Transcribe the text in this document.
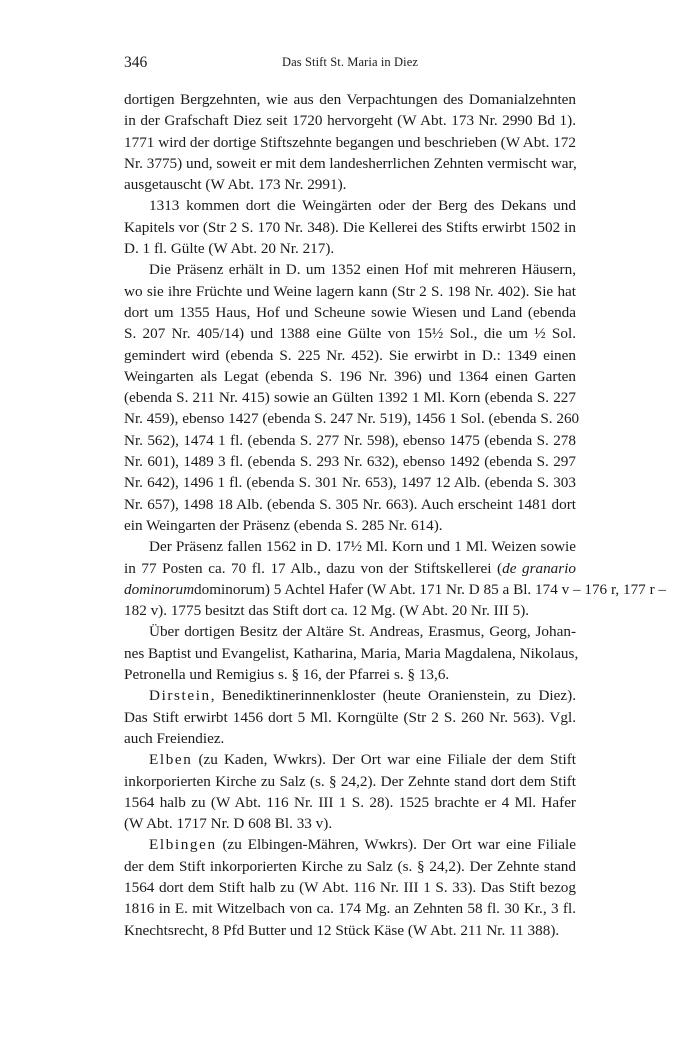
346	Das Stift St. Maria in Diez

dortigen Bergzehnten, wie aus den Verpachtungen des Domanialzehnten
in der Grafschaft Diez seit 1720 hervorgeht (W Abt. 173 Nr. 2990 Bd 1).
1771 wird der dortige Stiftszehnte begangen und beschrieben (W Abt. 172
Nr. 3775) und, soweit er mit dem landesherrlichen Zehnten vermischt war,
ausgetauscht (W Abt. 173 Nr. 2991).

1313 kommen dort die Weingärten oder der Berg des Dekans und
Kapitels vor (Str 2 S. 170 Nr. 348). Die Kellerei des Stifts erwirbt 1502 in
D. 1 fl. Gülte (W Abt. 20 Nr. 217).

Die Präsenz erhält in D. um 1352 einen Hof mit mehreren Häusern,
wo sie ihre Früchte und Weine lagern kann (Str 2 S. 198 Nr. 402). Sie hat
dort um 1355 Haus, Hof und Scheune sowie Wiesen und Land (ebenda
S. 207 Nr. 405/14) und 1388 eine Gülte von 15½ Sol., die um ½ Sol.
gemindert wird (ebenda S. 225 Nr. 452). Sie erwirbt in D.: 1349 einen
Weingarten als Legat (ebenda S. 196 Nr. 396) und 1364 einen Garten
(ebenda S. 211 Nr. 415) sowie an Gülten 1392 1 Ml. Korn (ebenda S. 227
Nr. 459), ebenso 1427 (ebenda S. 247 Nr. 519), 1456 1 Sol. (ebenda S. 260
Nr. 562), 1474 1 fl. (ebenda S. 277 Nr. 598), ebenso 1475 (ebenda S. 278
Nr. 601), 1489 3 fl. (ebenda S. 293 Nr. 632), ebenso 1492 (ebenda S. 297
Nr. 642), 1496 1 fl. (ebenda S. 301 Nr. 653), 1497 12 Alb. (ebenda S. 303
Nr. 657), 1498 18 Alb. (ebenda S. 305 Nr. 663). Auch erscheint 1481 dort
ein Weingarten der Präsenz (ebenda S. 285 Nr. 614).

Der Präsenz fallen 1562 in D. 17½ Ml. Korn und 1 Ml. Weizen sowie
in 77 Posten ca. 70 fl. 17 Alb., dazu von der Stiftskellerei (de granario
dominorumdominorum) 5 Achtel Hafer (W Abt. 171 Nr. D 85 a Bl. 174 v – 176 r, 177 r –
182 v). 1775 besitzt das Stift dort ca. 12 Mg. (W Abt. 20 Nr. III 5).

Über dortigen Besitz der Altäre St. Andreas, Erasmus, Georg, Johan-
nes Baptist und Evangelist, Katharina, Maria, Maria Magdalena, Nikolaus,
Petronella und Remigius s. § 16, der Pfarrei s. § 13,6.

Dirstein, Benediktinerinnenkloster (heute Oranienstein, zu Diez).
Das Stift erwirbt 1456 dort 5 Ml. Korngülte (Str 2 S. 260 Nr. 563). Vgl.
auch Freiendiez.

Elben (zu Kaden, Wwkrs). Der Ort war eine Filiale der dem Stift
inkorporierten Kirche zu Salz (s. § 24,2). Der Zehnte stand dort dem Stift
1564 halb zu (W Abt. 116 Nr. III 1 S. 28). 1525 brachte er 4 Ml. Hafer
(W Abt. 1717 Nr. D 608 Bl. 33 v).

Elbingen (zu Elbingen-Mähren, Wwkrs). Der Ort war eine Filiale
der dem Stift inkorporierten Kirche zu Salz (s. § 24,2). Der Zehnte stand
1564 dort dem Stift halb zu (W Abt. 116 Nr. III 1 S. 33). Das Stift bezog
1816 in E. mit Witzelbach von ca. 174 Mg. an Zehnten 58 fl. 30 Kr., 3 fl.
Knechtsrecht, 8 Pfd Butter und 12 Stück Käse (W Abt. 211 Nr. 11 388).
